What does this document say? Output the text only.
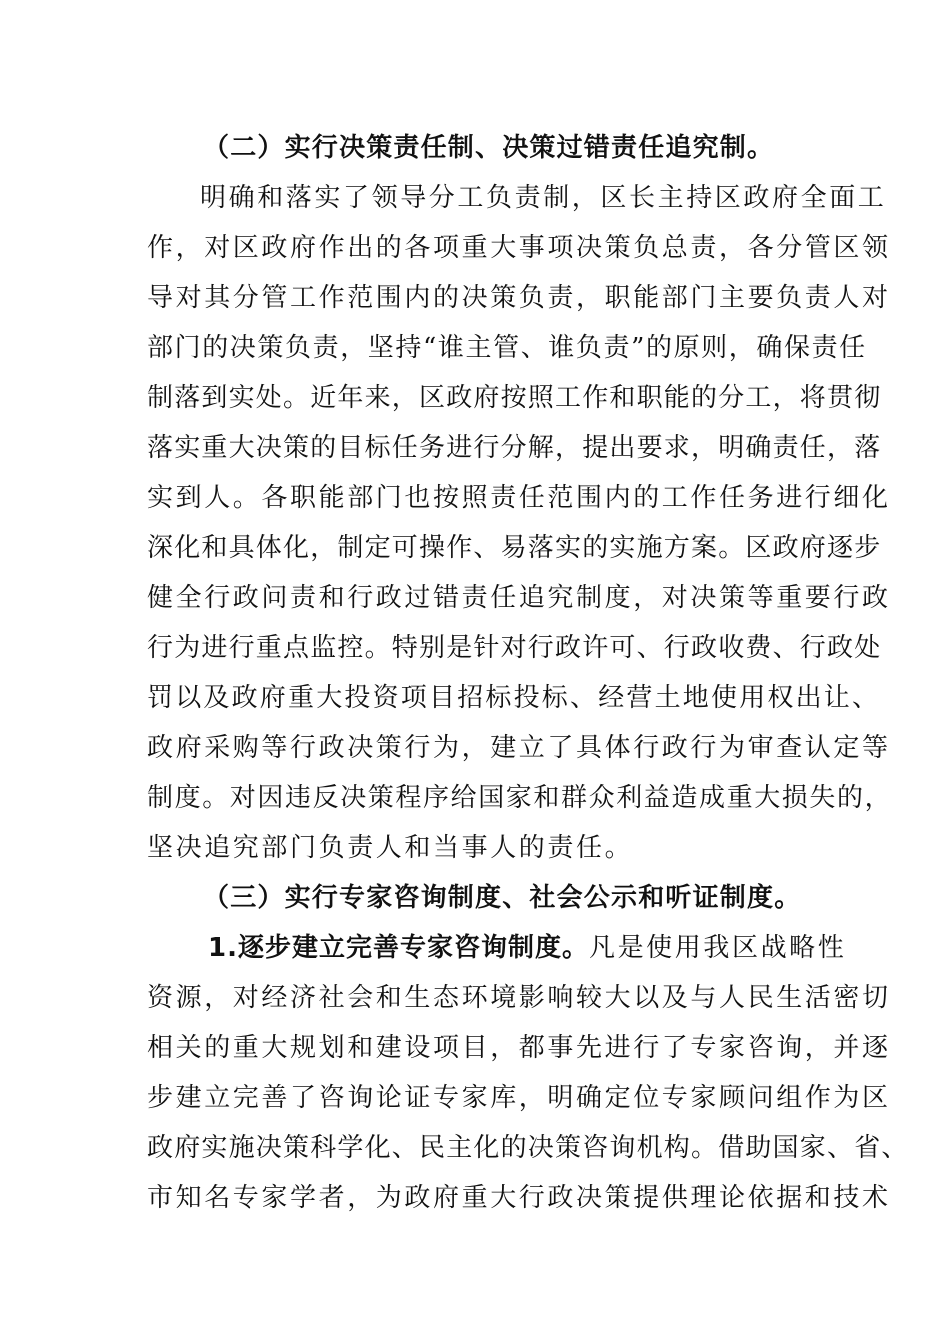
（二）实行决策责任制、决策过错责任追究制。
明确和落实了领导分工负责制，区长主持区政府全面工
作，对区政府作出的各项重大事项决策负总责，各分管区领
导对其分管工作范围内的决策负责，职能部门主要负责人对
部门的决策负责，坚持“谁主管、谁负责”的原则，确保责任
制落到实处。近年来，区政府按照工作和职能的分工，将贯彻
落实重大决策的目标任务进行分解，提出要求，明确责任，落
实到人。各职能部门也按照责任范围内的工作任务进行细化
深化和具体化，制定可操作、易落实的实施方案。区政府逐步
健全行政问责和行政过错责任追究制度，对决策等重要行政
行为进行重点监控。特别是针对行政许可、行政收费、行政处
罚以及政府重大投资项目招标投标、经营土地使用权出让、
政府采购等行政决策行为，建立了具体行政行为审查认定等
制度。对因违反决策程序给国家和群众利益造成重大损失的，
坚决追究部门负责人和当事人的责任。
（三）实行专家咨询制度、社会公示和听证制度。
1.逐步建立完善专家咨询制度。凡是使用我区战略性
资源，对经济社会和生态环境影响较大以及与人民生活密切
相关的重大规划和建设项目，都事先进行了专家咨询，并逐
步建立完善了咨询论证专家库，明确定位专家顾问组作为区
政府实施决策科学化、民主化的决策咨询机构。借助国家、省、
市知名专家学者，为政府重大行政决策提供理论依据和技术
